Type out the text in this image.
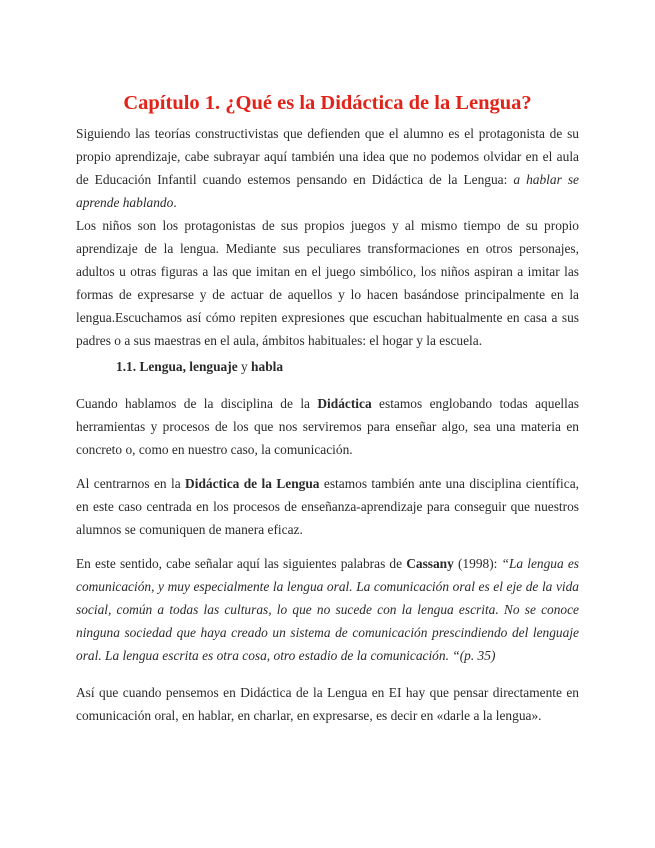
Capítulo 1. ¿Qué es la Didáctica de la Lengua?

Siguiendo las teorías constructivistas que defienden que el alumno es el protagonista de su propio aprendizaje, cabe subrayar aquí también una idea que no podemos olvidar en el aula de Educación Infantil cuando estemos pensando en Didáctica de la Lengua: a hablar se aprende hablando.

Los niños son los protagonistas de sus propios juegos y al mismo tiempo de su propio aprendizaje de la lengua. Mediante sus peculiares transformaciones en otros personajes, adultos u otras figuras a las que imitan en el juego simbólico, los niños aspiran a imitar las formas de expresarse y de actuar de aquellos y lo hacen basándose principalmente en la lengua.Escuchamos así cómo repiten expresiones que escuchan habitualmente en casa a sus padres o a sus maestras en el aula, ámbitos habituales: el hogar y la escuela.

1.1. Lengua, lenguaje y habla

Cuando hablamos de la disciplina de la Didáctica estamos englobando todas aquellas herramientas y procesos de los que nos serviremos para enseñar algo, sea una materia en concreto o, como en nuestro caso, la comunicación.

Al centrarnos en la Didáctica de la Lengua estamos también ante una disciplina científica, en este caso centrada en los procesos de enseñanza-aprendizaje para conseguir que nuestros alumnos se comuniquen de manera eficaz.

En este sentido, cabe señalar aquí las siguientes palabras de Cassany (1998): “La lengua es comunicación, y muy especialmente la lengua oral. La comunicación oral es el eje de la vida social, común a todas las culturas, lo que no sucede con la lengua escrita. No se conoce ninguna sociedad que haya creado un sistema de comunicación prescindiendo del lenguaje oral. La lengua escrita es otra cosa, otro estadio de la comunicación. “(p. 35)

Así que cuando pensemos en Didáctica de la Lengua en EI hay que pensar directamente en comunicación oral, en hablar, en charlar, en expresarse, es decir en «darle a la lengua».
